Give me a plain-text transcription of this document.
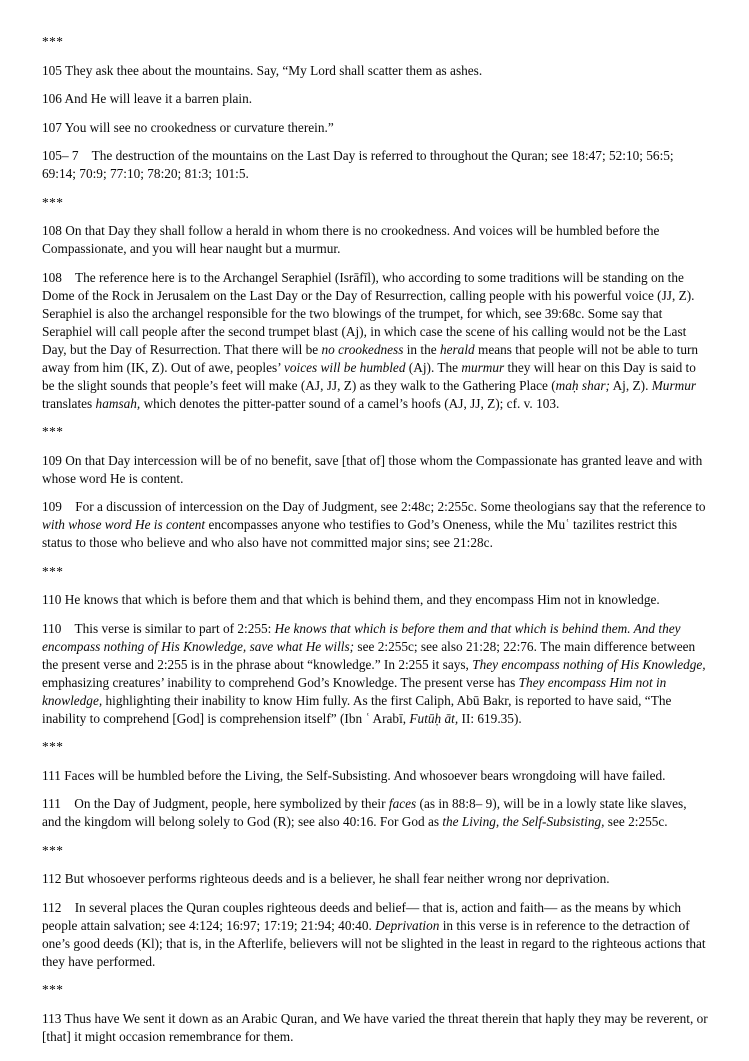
***

105 They ask thee about the mountains. Say, “My Lord shall scatter them as ashes.

106 And He will leave it a barren plain.

107 You will see no crookedness or curvature therein.”

105– 7    The destruction of the mountains on the Last Day is referred to throughout the Quran; see 18:47; 52:10; 56:5; 69:14; 70:9; 77:10; 78:20; 81:3; 101:5.

***

108 On that Day they shall follow a herald in whom there is no crookedness. And voices will be humbled before the Compassionate, and you will hear naught but a murmur.

108    The reference here is to the Archangel Seraphiel (Isrāfīl), who according to some traditions will be standing on the Dome of the Rock in Jerusalem on the Last Day or the Day of Resurrection, calling people with his powerful voice (JJ, Z). Seraphiel is also the archangel responsible for the two blowings of the trumpet, for which, see 39:68c. Some say that Seraphiel will call people after the second trumpet blast (Aj), in which case the scene of his calling would not be the Last Day, but the Day of Resurrection. That there will be no crookedness in the herald means that people will not be able to turn away from him (IK, Z). Out of awe, peoples’ voices will be humbled (Aj). The murmur they will hear on this Day is said to be the slight sounds that people’s feet will make (AJ, JJ, Z) as they walk to the Gathering Place (maḥ shar; Aj, Z). Murmur translates hamsah, which denotes the pitter-patter sound of a camel’s hoofs (AJ, JJ, Z); cf. v. 103.

***

109 On that Day intercession will be of no benefit, save [that of] those whom the Compassionate has granted leave and with whose word He is content.

109    For a discussion of intercession on the Day of Judgment, see 2:48c; 2:255c. Some theologians say that the reference to with whose word He is content encompasses anyone who testifies to God’s Oneness, while the Muʿ tazilites restrict this status to those who believe and who also have not committed major sins; see 21:28c.

***

110 He knows that which is before them and that which is behind them, and they encompass Him not in knowledge.

110    This verse is similar to part of 2:255: He knows that which is before them and that which is behind them. And they encompass nothing of His Knowledge, save what He wills; see 2:255c; see also 21:28; 22:76. The main difference between the present verse and 2:255 is in the phrase about “knowledge.” In 2:255 it says, They encompass nothing of His Knowledge, emphasizing creatures’ inability to comprehend God’s Knowledge. The present verse has They encompass Him not in knowledge, highlighting their inability to know Him fully. As the first Caliph, Abū Bakr, is reported to have said, “The inability to comprehend [God] is comprehension itself” (Ibn ʿ Arabī, Futūḥ āt, II: 619.35).

***

111 Faces will be humbled before the Living, the Self-Subsisting. And whosoever bears wrongdoing will have failed.

111    On the Day of Judgment, people, here symbolized by their faces (as in 88:8– 9), will be in a lowly state like slaves, and the kingdom will belong solely to God (R); see also 40:16. For God as the Living, the Self-Subsisting, see 2:255c.

***

112 But whosoever performs righteous deeds and is a believer, he shall fear neither wrong nor deprivation.

112    In several places the Quran couples righteous deeds and belief— that is, action and faith— as the means by which people attain salvation; see 4:124; 16:97; 17:19; 21:94; 40:40. Deprivation in this verse is in reference to the detraction of one’s good deeds (Kl); that is, in the Afterlife, believers will not be slighted in the least in regard to the righteous actions that they have performed.

***

113 Thus have We sent it down as an Arabic Quran, and We have varied the threat therein that haply they may be reverent, or [that] it might occasion remembrance for them.
